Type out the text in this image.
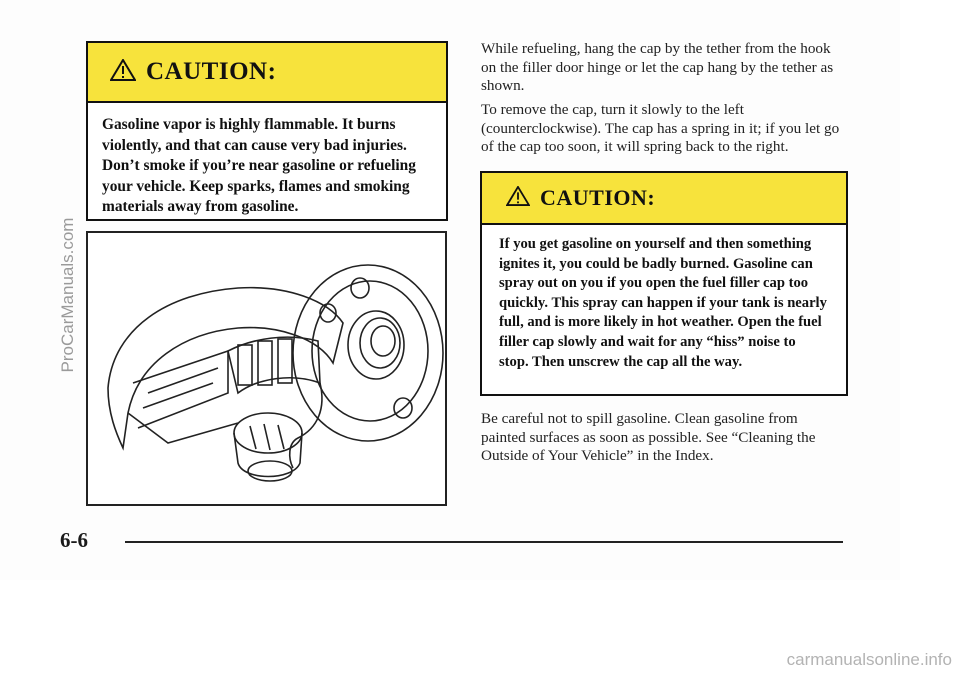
CAUTION:
Gasoline vapor is highly flammable. It burns violently, and that can cause very bad injuries. Don’t smoke if you’re near gasoline or refueling your vehicle. Keep sparks, flames and smoking materials away from gasoline.

While refueling, hang the cap by the tether from the hook on the filler door hinge or let the cap hang by the tether as shown.

To remove the cap, turn it slowly to the left (counterclockwise). The cap has a spring in it; if you let go of the cap too soon, it will spring back to the right.

CAUTION:
If you get gasoline on yourself and then something ignites it, you could be badly burned. Gasoline can spray out on you if you open the fuel filler cap too quickly. This spray can happen if your tank is nearly full, and is more likely in hot weather. Open the fuel filler cap slowly and wait for any “hiss” noise to stop. Then unscrew the cap all the way.

Be careful not to spill gasoline. Clean gasoline from painted surfaces as soon as possible. See “Cleaning the Outside of Your Vehicle” in the Index.

6-6
ProCarManuals.com
carmanualsonline.info
